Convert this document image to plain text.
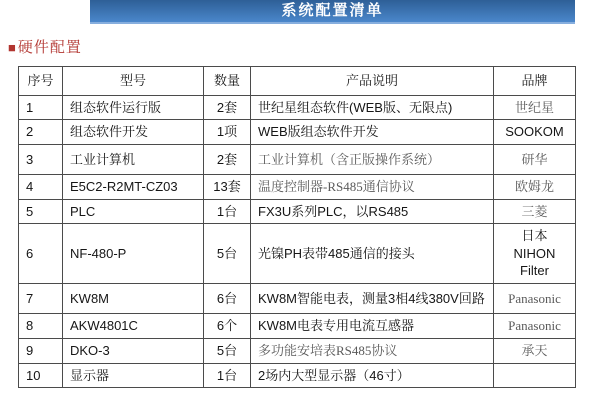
系统配置清单
■硬件配置
序号	型号	数量	产品说明	品牌
1	组态软件运行版	2套	世纪星组态软件(WEB版、无限点)	世纪星
2	组态软件开发	1项	WEB版组态软件开发	SOOKOM
3	工业计算机	2套	工业计算机（含正版操作系统）	研华
4	E5C2-R2MT-CZ03	13套	温度控制器-RS485通信协议	欧姆龙
5	PLC	1台	FX3U系列PLC，以RS485	三菱
6	NF-480-P	5台	光镍PH表带485通信的接头	日本NIHON Filter
7	KW8M	6台	KW8M智能电表，测量3相4线380V回路	Panasonic
8	AKW4801C	6个	KW8M电表专用电流互感器	Panasonic
9	DKO-3	5台	多功能安培表RS485协议	承天
10	显示器	1台	2场内大型显示器（46寸）	
